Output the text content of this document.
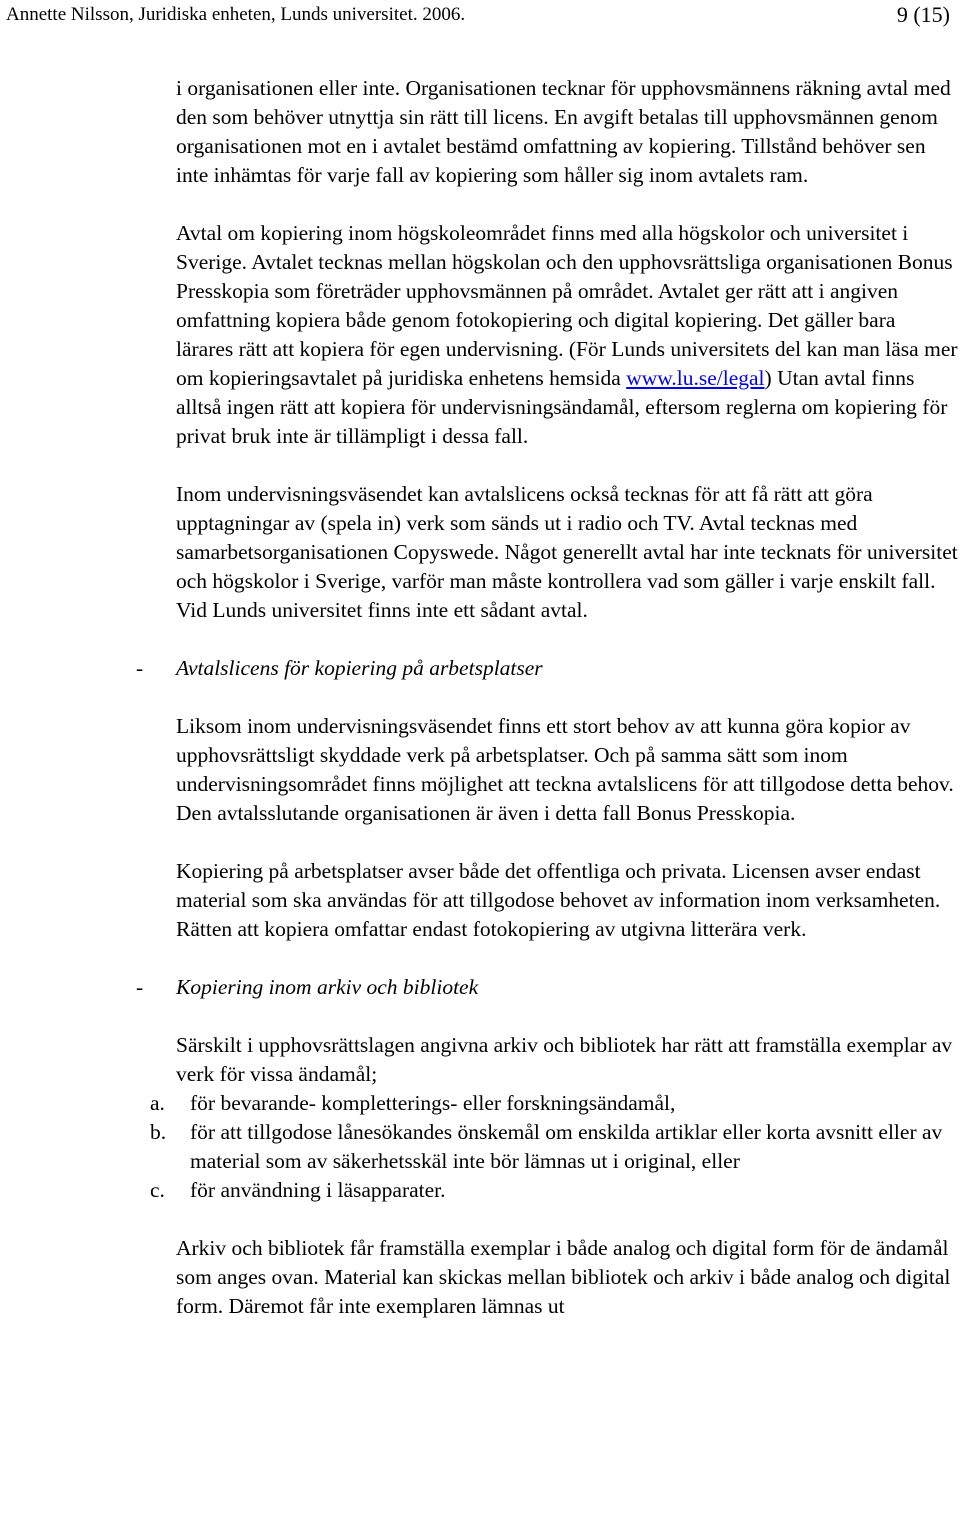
Annette Nilsson, Juridiska enheten, Lunds universitet. 2006.	9 (15)

i organisationen eller inte. Organisationen tecknar för upphovsmännens räkning avtal med den som behöver utnyttja sin rätt till licens. En avgift betalas till upphovsmännen genom organisationen mot en i avtalet bestämd omfattning av kopiering. Tillstånd behöver sen inte inhämtas för varje fall av kopiering som håller sig inom avtalets ram.

Avtal om kopiering inom högskoleområdet finns med alla högskolor och universitet i Sverige. Avtalet tecknas mellan högskolan och den upphovsrättsliga organisationen Bonus Presskopia som företräder upphovsmännen på området. Avtalet ger rätt att i angiven omfattning kopiera både genom fotokopiering och digital kopiering. Det gäller bara lärares rätt att kopiera för egen undervisning. (För Lunds universitets del kan man läsa mer om kopieringsavtalet på juridiska enhetens hemsida www.lu.se/legal) Utan avtal finns alltså ingen rätt att kopiera för undervisningsändamål, eftersom reglerna om kopiering för privat bruk inte är tillämpligt i dessa fall.

Inom undervisningsväsendet kan avtalslicens också tecknas för att få rätt att göra upptagningar av (spela in) verk som sänds ut i radio och TV. Avtal tecknas med samarbetsorganisationen Copyswede. Något generellt avtal har inte tecknats för universitet och högskolor i Sverige, varför man måste kontrollera vad som gäller i varje enskilt fall. Vid Lunds universitet finns inte ett sådant avtal.

- Avtalslicens för kopiering på arbetsplatser

Liksom inom undervisningsväsendet finns ett stort behov av att kunna göra kopior av upphovsrättsligt skyddade verk på arbetsplatser. Och på samma sätt som inom undervisningsområdet finns möjlighet att teckna avtalslicens för att tillgodose detta behov. Den avtalsslutande organisationen är även i detta fall Bonus Presskopia.

Kopiering på arbetsplatser avser både det offentliga och privata. Licensen avser endast material som ska användas för att tillgodose behovet av information inom verksamheten. Rätten att kopiera omfattar endast fotokopiering av utgivna litterära verk.

- Kopiering inom arkiv och bibliotek

Särskilt i upphovsrättslagen angivna arkiv och bibliotek har rätt att framställa exemplar av verk för vissa ändamål;

a. för bevarande- kompletterings- eller forskningsändamål,
b. för att tillgodose lånesökandes önskemål om enskilda artiklar eller korta avsnitt eller av material som av säkerhetsskäl inte bör lämnas ut i original, eller
c. för användning i läsapparater.

Arkiv och bibliotek får framställa exemplar i både analog och digital form för de ändamål som anges ovan. Material kan skickas mellan bibliotek och arkiv i både analog och digital form. Däremot får inte exemplaren lämnas ut
